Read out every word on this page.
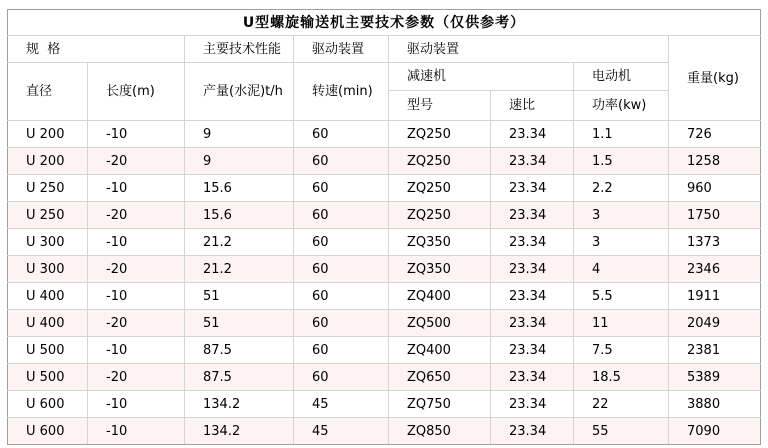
U型螺旋输送机主要技术参数（仅供参考）							
规  格		主要技术性能	驱动装置	驱动装置			重量(kg)
直径	长度(m)	产量(水泥)t/h	转速(min)	减速机		电动机	
				型号	速比	功率(kw)	
U 200	-10	9	60	ZQ250	23.34	1.1	726
U 200	-20	9	60	ZQ250	23.34	1.5	1258
U 250	-10	15.6	60	ZQ250	23.34	2.2	960
U 250	-20	15.6	60	ZQ250	23.34	3	1750
U 300	-10	21.2	60	ZQ350	23.34	3	1373
U 300	-20	21.2	60	ZQ350	23.34	4	2346
U 400	-10	51	60	ZQ400	23.34	5.5	1911
U 400	-20	51	60	ZQ500	23.34	11	2049
U 500	-10	87.5	60	ZQ400	23.34	7.5	2381
U 500	-20	87.5	60	ZQ650	23.34	18.5	5389
U 600	-10	134.2	45	ZQ750	23.34	22	3880
U 600	-10	134.2	45	ZQ850	23.34	55	7090
